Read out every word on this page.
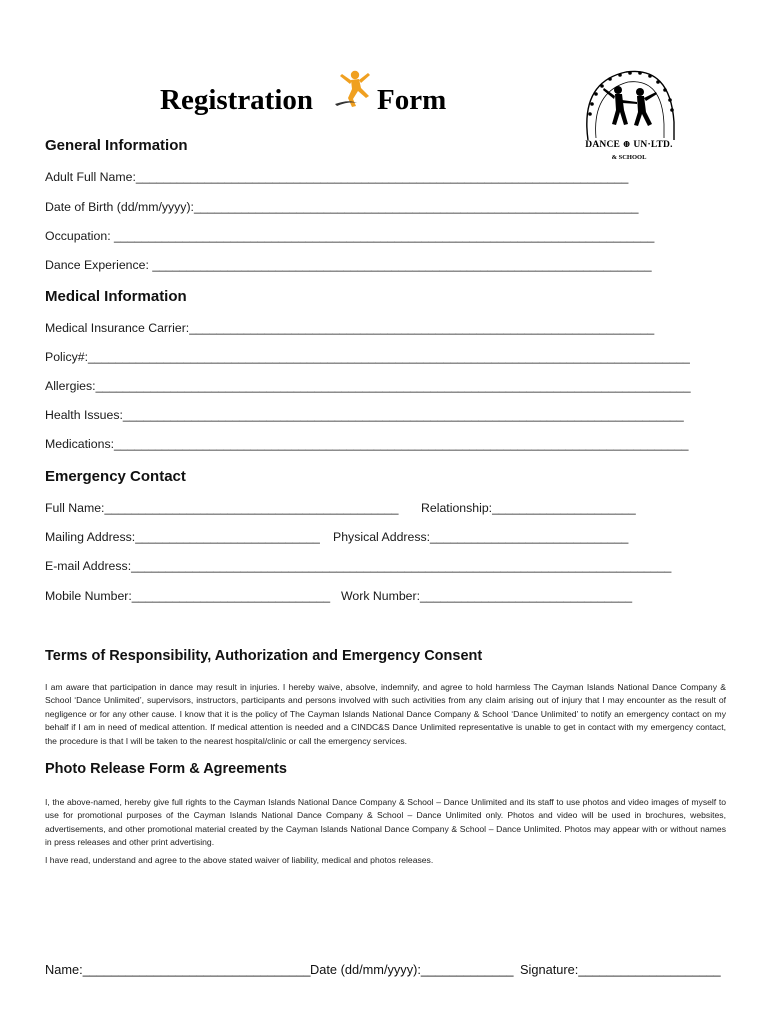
Registration Form
DANCE ⊕ UN·LTD.
& SCHOOL
General Information
Adult Full Name:________________________________________________________________________
Date of Birth (dd/mm/yyyy):_________________________________________________________________
Occupation: _______________________________________________________________________________
Dance Experience: _________________________________________________________________________
Medical Information
Medical Insurance Carrier:____________________________________________________________________
Policy#:________________________________________________________________________________________
Allergies:_______________________________________________________________________________________
Health Issues:__________________________________________________________________________________
Medications:____________________________________________________________________________________
Emergency Contact
Full Name:___________________________________________ Relationship:_____________________
Mailing Address:___________________________ Physical Address:_____________________________
E-mail Address:_______________________________________________________________________________
Mobile Number:_____________________________ Work Number:_______________________________
Terms of Responsibility, Authorization and Emergency Consent
I am aware that participation in dance may result in injuries. I hereby waive, absolve, indemnify, and agree to hold harmless The Cayman Islands National Dance Company & School ‘Dance Unlimited’, supervisors, instructors, participants and persons involved with such activities from any claim arising out of injury that I may encounter as the result of negligence or for any other cause. I know that it is the policy of The Cayman Islands National Dance Company & School ‘Dance Unlimited’ to notify an emergency contact on my behalf if I am in need of medical attention. If medical attention is needed and a CINDC&S Dance Unlimited representative is unable to get in contact with my emergency contact, the procedure is that I will be taken to the nearest hospital/clinic or call the emergency services.
Photo Release Form & Agreements
I, the above-named, hereby give full rights to the Cayman Islands National Dance Company & School – Dance Unlimited and its staff to use photos and video images of myself to use for promotional purposes of the Cayman Islands National Dance Company & School – Dance Unlimited only. Photos and video will be used in brochures, websites, advertisements, and other promotional material created by the Cayman Islands National Dance Company & School – Dance Unlimited. Photos may appear with or without names in press releases and other print advertising.
I have read, understand and agree to the above stated waiver of liability, medical and photos releases.
Name:________________________________ Date (dd/mm/yyyy):_____________ Signature:____________________
